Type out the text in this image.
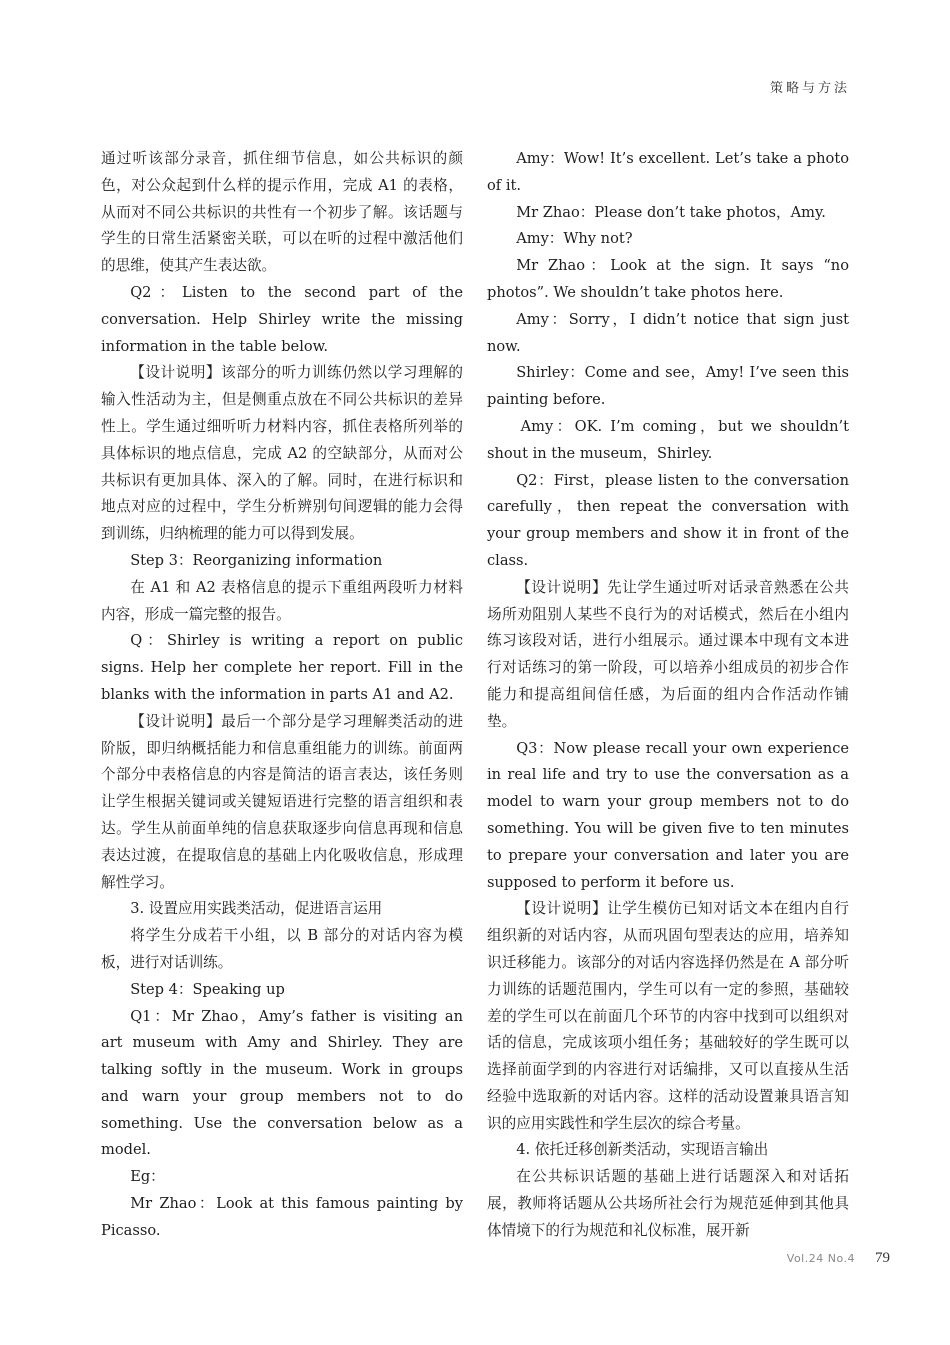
策略与方法

通过听该部分录音，抓住细节信息，如公共标识的颜色，对公众起到什么样的提示作用，完成 A1 的表格，从而对不同公共标识的共性有一个初步了解。该话题与学生的日常生活紧密关联，可以在听的过程中激活他们的思维，使其产生表达欲。

Q2：Listen to the second part of the conversation. Help Shirley write the missing information in the table below.

【设计说明】该部分的听力训练仍然以学习理解的输入性活动为主，但是侧重点放在不同公共标识的差异性上。学生通过细听听力材料内容，抓住表格所列举的具体标识的地点信息，完成 A2 的空缺部分，从而对公共标识有更加具体、深入的了解。同时，在进行标识和地点对应的过程中，学生分析辨别句间逻辑的能力会得到训练，归纳梳理的能力可以得到发展。

Step 3：Reorganizing information

在 A1 和 A2 表格信息的提示下重组两段听力材料内容，形成一篇完整的报告。

Q：Shirley is writing a report on public signs. Help her complete her report. Fill in the blanks with the information in parts A1 and A2.

【设计说明】最后一个部分是学习理解类活动的进阶版，即归纳概括能力和信息重组能力的训练。前面两个部分中表格信息的内容是简洁的语言表达，该任务则让学生根据关键词或关键短语进行完整的语言组织和表达。学生从前面单纯的信息获取逐步向信息再现和信息表达过渡，在提取信息的基础上内化吸收信息，形成理解性学习。

3. 设置应用实践类活动，促进语言运用

将学生分成若干小组，以 B 部分的对话内容为模板，进行对话训练。

Step 4：Speaking up

Q1：Mr Zhao，Amy’s father is visiting an art museum with Amy and Shirley. They are talking softly in the museum. Work in groups and warn your group members not to do something. Use the conversation below as a model.

Eg：

Mr Zhao：Look at this famous painting by Picasso.

Amy：Wow! It’s excellent. Let’s take a photo of it.

Mr Zhao：Please don’t take photos，Amy.

Amy：Why not?

Mr Zhao：Look at the sign. It says “no photos”. We shouldn’t take photos here.

Amy：Sorry，I didn’t notice that sign just now.

Shirley：Come and see，Amy! I’ve seen this painting before.

Amy：OK. I’m coming，but we shouldn’t shout in the museum，Shirley.

Q2：First，please listen to the conversation carefully，then repeat the conversation with your group members and show it in front of the class.

【设计说明】先让学生通过听对话录音熟悉在公共场所劝阻别人某些不良行为的对话模式，然后在小组内练习该段对话，进行小组展示。通过课本中现有文本进行对话练习的第一阶段，可以培养小组成员的初步合作能力和提高组间信任感，为后面的组内合作活动作铺垫。

Q3：Now please recall your own experience in real life and try to use the conversation as a model to warn your group members not to do something. You will be given five to ten minutes to prepare your conversation and later you are supposed to perform it before us.

【设计说明】让学生模仿已知对话文本在组内自行组织新的对话内容，从而巩固句型表达的应用，培养知识迁移能力。该部分的对话内容选择仍然是在 A 部分听力训练的话题范围内，学生可以有一定的参照，基础较差的学生可以在前面几个环节的内容中找到可以组织对话的信息，完成该项小组任务；基础较好的学生既可以选择前面学到的内容进行对话编排，又可以直接从生活经验中选取新的对话内容。这样的活动设置兼具语言知识的应用实践性和学生层次的综合考量。

4. 依托迁移创新类活动，实现语言输出

在公共标识话题的基础上进行话题深入和对话拓展，教师将话题从公共场所社会行为规范延伸到其他具体情境下的行为规范和礼仪标准，展开新

Vol.24 No.4 79
